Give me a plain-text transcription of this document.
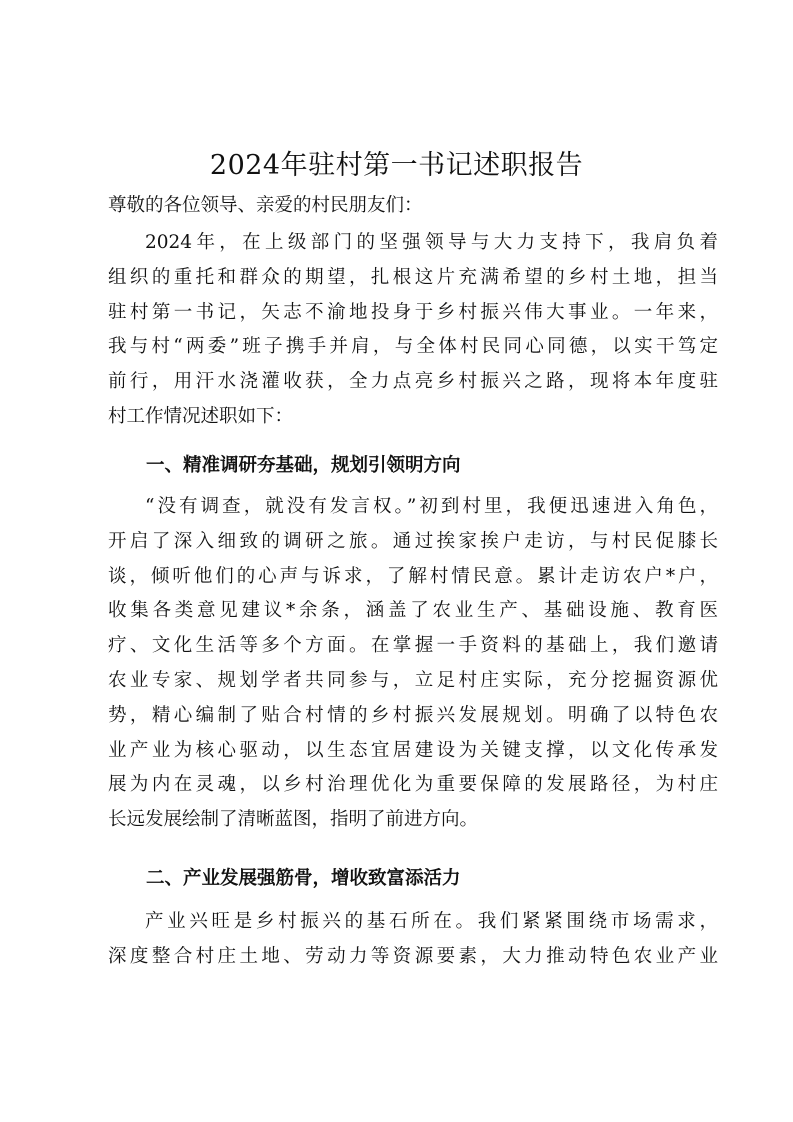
2024年驻村第一书记述职报告
尊敬的各位领导、亲爱的村民朋友们：
2024年，在上级部门的坚强领导与大力支持下，我肩负着
组织的重托和群众的期望，扎根这片充满希望的乡村土地，担当
驻村第一书记，矢志不渝地投身于乡村振兴伟大事业。一年来，
我与村“两委”班子携手并肩，与全体村民同心同德，以实干笃定
前行，用汗水浇灌收获，全力点亮乡村振兴之路，现将本年度驻
村工作情况述职如下：
一、精准调研夯基础，规划引领明方向
“没有调查，就没有发言权。”初到村里，我便迅速进入角色，
开启了深入细致的调研之旅。通过挨家挨户走访，与村民促膝长
谈，倾听他们的心声与诉求，了解村情民意。累计走访农户*户，
收集各类意见建议*余条，涵盖了农业生产、基础设施、教育医
疗、文化生活等多个方面。在掌握一手资料的基础上，我们邀请
农业专家、规划学者共同参与，立足村庄实际，充分挖掘资源优
势，精心编制了贴合村情的乡村振兴发展规划。明确了以特色农
业产业为核心驱动，以生态宜居建设为关键支撑，以文化传承发
展为内在灵魂，以乡村治理优化为重要保障的发展路径，为村庄
长远发展绘制了清晰蓝图，指明了前进方向。
二、产业发展强筋骨，增收致富添活力
产业兴旺是乡村振兴的基石所在。我们紧紧围绕市场需求，
深度整合村庄土地、劳动力等资源要素，大力推动特色农业产业
